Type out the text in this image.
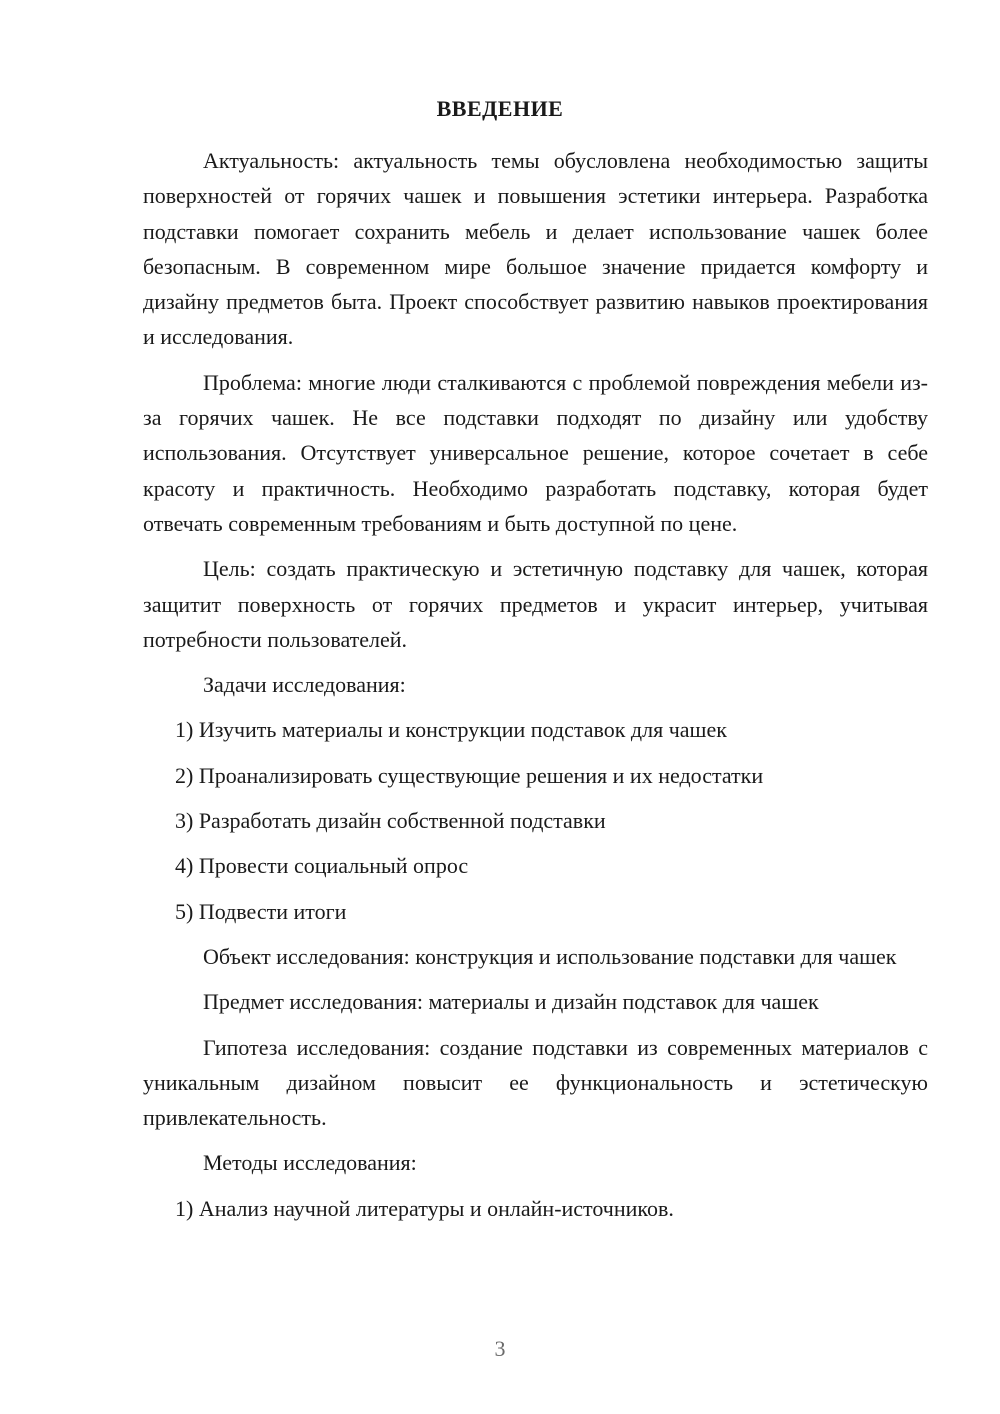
ВВЕДЕНИЕ

Актуальность: актуальность темы обусловлена необходимостью защиты поверхностей от горячих чашек и повышения эстетики интерьера. Разработка подставки помогает сохранить мебель и делает использование чашек более безопасным. В современном мире большое значение придается комфорту и дизайну предметов быта. Проект способствует развитию навыков проектирования и исследования.

Проблема: многие люди сталкиваются с проблемой повреждения мебели из-за горячих чашек. Не все подставки подходят по дизайну или удобству использования. Отсутствует универсальное решение, которое сочетает в себе красоту и практичность. Необходимо разработать подставку, которая будет отвечать современным требованиям и быть доступной по цене.

Цель: создать практическую и эстетичную подставку для чашек, которая защитит поверхность от горячих предметов и украсит интерьер, учитывая потребности пользователей.

Задачи исследования:

1) Изучить материалы и конструкции подставок для чашек
2) Проанализировать существующие решения и их недостатки
3) Разработать дизайн собственной подставки
4) Провести социальный опрос
5) Подвести итоги

Объект исследования: конструкция и использование подставки для чашек

Предмет исследования: материалы и дизайн подставок для чашек

Гипотеза исследования: создание подставки из современных материалов с уникальным дизайном повысит ее функциональность и эстетическую привлекательность.

Методы исследования:

1) Анализ научной литературы и онлайн-источников.
3
